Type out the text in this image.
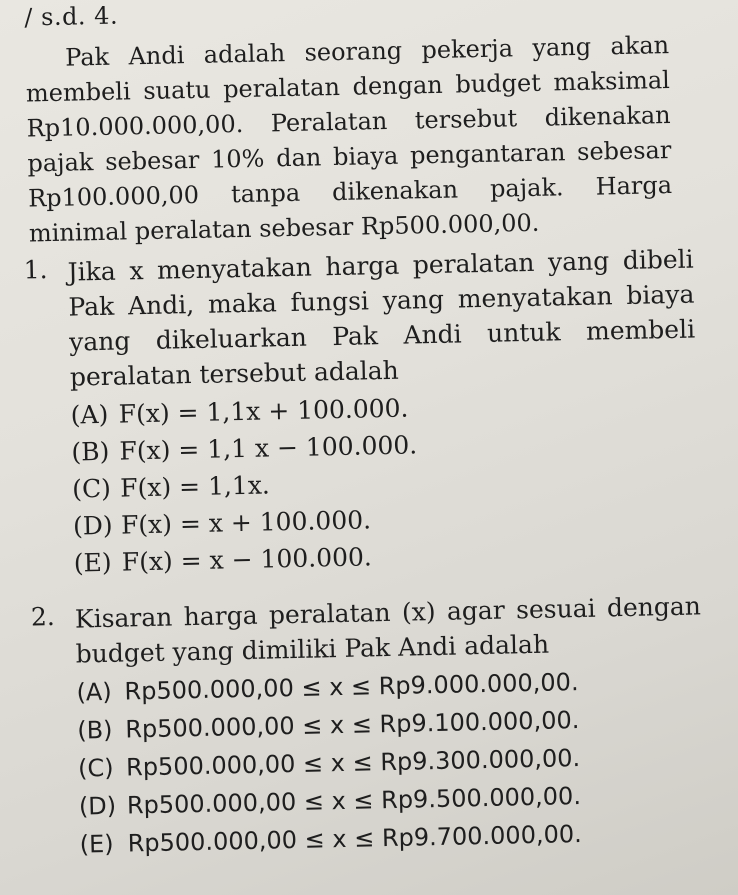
/ s.d. 4.
Pak Andi adalah seorang pekerja yang akan membeli suatu peralatan dengan budget maksimal Rp10.000.000,00. Peralatan tersebut dikenakan pajak sebesar 10% dan biaya pengantaran sebesar Rp100.000,00 tanpa dikenakan pajak. Harga minimal peralatan sebesar Rp500.000,00.
1. Jika x menyatakan harga peralatan yang dibeli Pak Andi, maka fungsi yang menyatakan biaya yang dikeluarkan Pak Andi untuk membeli peralatan tersebut adalah
(A) F(x) = 1,1x + 100.000.
(B) F(x) = 1,1 x − 100.000.
(C) F(x) = 1,1x.
(D) F(x) = x + 100.000.
(E) F(x) = x − 100.000.
2. Kisaran harga peralatan (x) agar sesuai dengan budget yang dimiliki Pak Andi adalah
(A) Rp500.000,00 ≤ x ≤ Rp9.000.000,00.
(B) Rp500.000,00 ≤ x ≤ Rp9.100.000,00.
(C) Rp500.000,00 ≤ x ≤ Rp9.300.000,00.
(D) Rp500.000,00 ≤ x ≤ Rp9.500.000,00.
(E) Rp500.000,00 ≤ x ≤ Rp9.700.000,00.
